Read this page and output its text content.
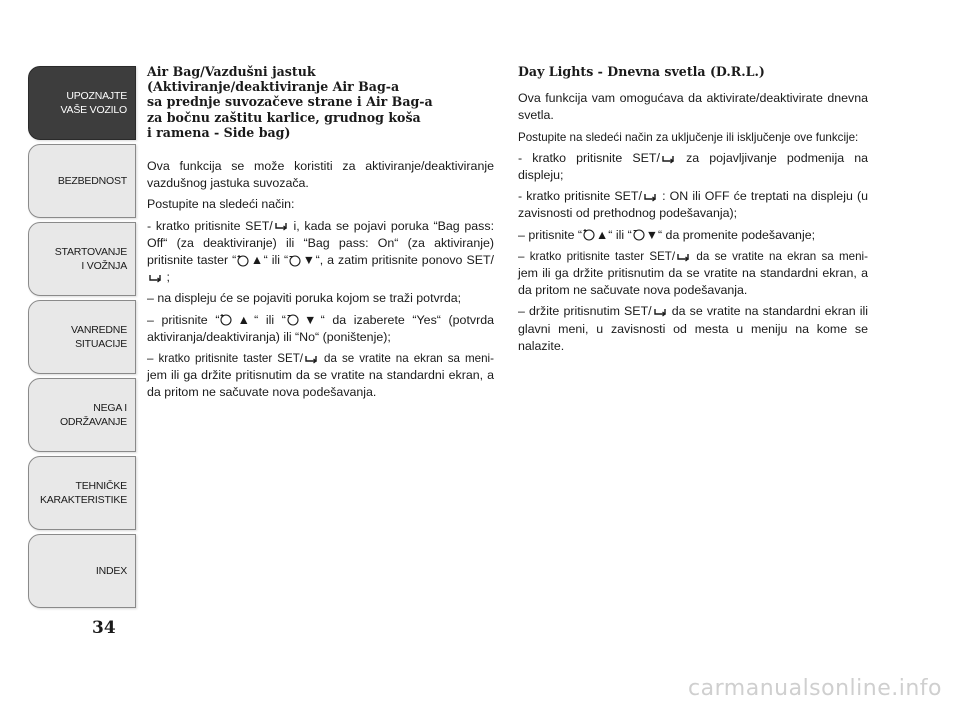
UPOZNAJTE
VAŠE VOZILO
BEZBEDNOST
STARTOVANJE
I VOŽNJA
VANREDNE
SITUACIJE
NEGA I
ODRŽAVANJE
TEHNIČKE
KARAKTERISTIKE
INDEX
34
Air Bag/Vazdušni jastuk
(Aktiviranje/deaktiviranje Air Bag-a
sa prednje suvozačeve strane i Air Bag-a
za bočnu zaštitu karlice, grudnog koša
i ramena - Side bag)

Ova funkcija se može koristiti za aktiviranje/deaktiviranje vazdušnog jastuka suvozača.

Postupite na sledeći način:

- kratko pritisnite SET/ i, kada se pojavi poruka “Bag pass: Off“ (za deaktiviranje) ili “Bag pass: On“ (za aktiviranje) pritisnite taster “ ▲“ ili “ ▼“, a zatim pritisnite ponovo SET/ ;

– na displeju će se pojaviti poruka kojom se traži potvrda;

– pritisnite “ ▲“ ili “ ▼“ da izaberete “Yes“ (potvrda aktiviranja/deaktiviranja) ili “No“ (poništenje);

– kratko pritisnite taster SET/ da se vratite na ekran sa meni- jem ili ga držite pritisnutim da se vratite na standardni ekran, a da pritom ne sačuvate nova podešavanja.

Day Lights - Dnevna svetla (D.R.L.)

Ova funkcija vam omogućava da aktivirate/deaktivirate dnevna svetla.

Postupite na sledeći način za uključenje ili isključenje ove funkcije:

- kratko pritisnite SET/ za pojavljivanje podmenija na displeju;

- kratko pritisnite SET/ : ON ili OFF će treptati na displeju (u zavisnosti od prethodnog podešavanja);

– pritisnite “ ▲“ ili “ ▼“ da promenite podešavanje;

– kratko pritisnite taster SET/ da se vratite na ekran sa meni- jem ili ga držite pritisnutim da se vratite na standardni ekran, a da pritom ne sačuvate nova podešavanja.

– držite pritisnutim SET/ da se vratite na standardni ekran ili glavni meni, u zavisnosti od mesta u meniju na kome se nalazite.

carmanualsonline.info
